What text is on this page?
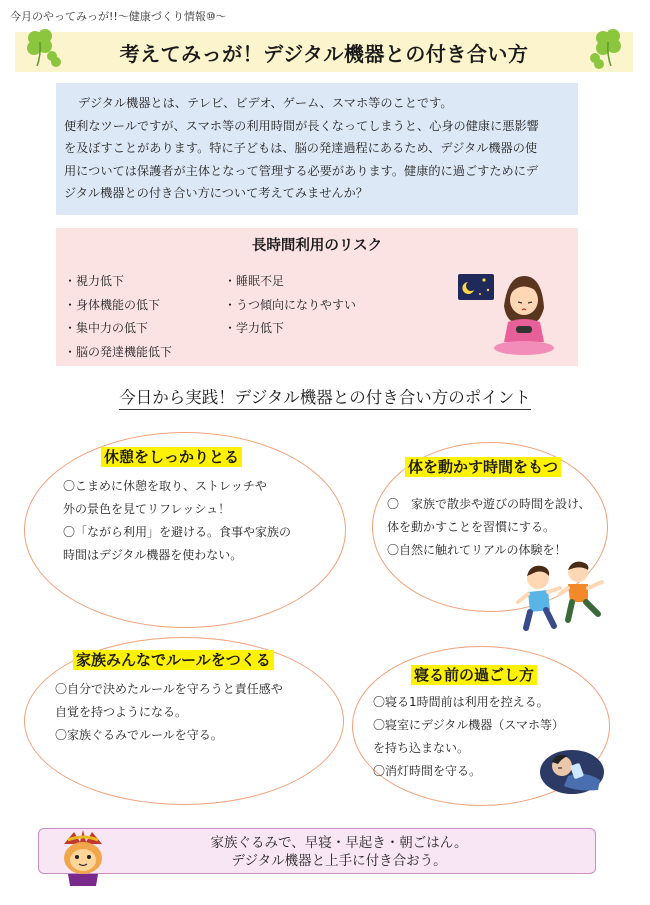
今月のやってみっが!!～健康づくり情報⑩～
考えてみっが！デジタル機器との付き合い方

デジタル機器とは、テレビ、ビデオ、ゲーム、スマホ等のことです。

便利なツールですが、スマホ等の利用時間が長くなってしまうと、心身の健康に悪影響

を及ぼすことがあります。特に子どもは、脳の発達過程にあるため、デジタル機器の使

用については保護者が主体となって管理する必要があります。健康的に過ごすためにデ

ジタル機器との付き合い方について考えてみませんか？

長時間利用のリスク
・視力低下
・身体機能の低下
・集中力の低下
・脳の発達機能低下
・睡眠不足
・うつ傾向になりやすい
・学力低下
今日から実践！デジタル機器との付き合い方のポイント
休憩をしっかりとる
〇こまめに休憩を取り、ストレッチや
外の景色を見てリフレッシュ！
〇「ながら利用」を避ける。食事や家族の
時間はデジタル機器を使わない。
体を動かす時間をもつ
〇　家族で散歩や遊びの時間を設け、
体を動かすことを習慣にする。
〇自然に触れてリアルの体験を！
家族みんなでルールをつくる
〇自分で決めたルールを守ろうと責任感や
自覚を持つようになる。
〇家族ぐるみでルールを守る。
寝る前の過ごし方
〇寝る1時間前は利用を控える。
〇寝室にデジタル機器（スマホ等）
を持ち込まない。
〇消灯時間を守る。
家族ぐるみで、早寝・早起き・朝ごはん。
デジタル機器と上手に付き合おう。
